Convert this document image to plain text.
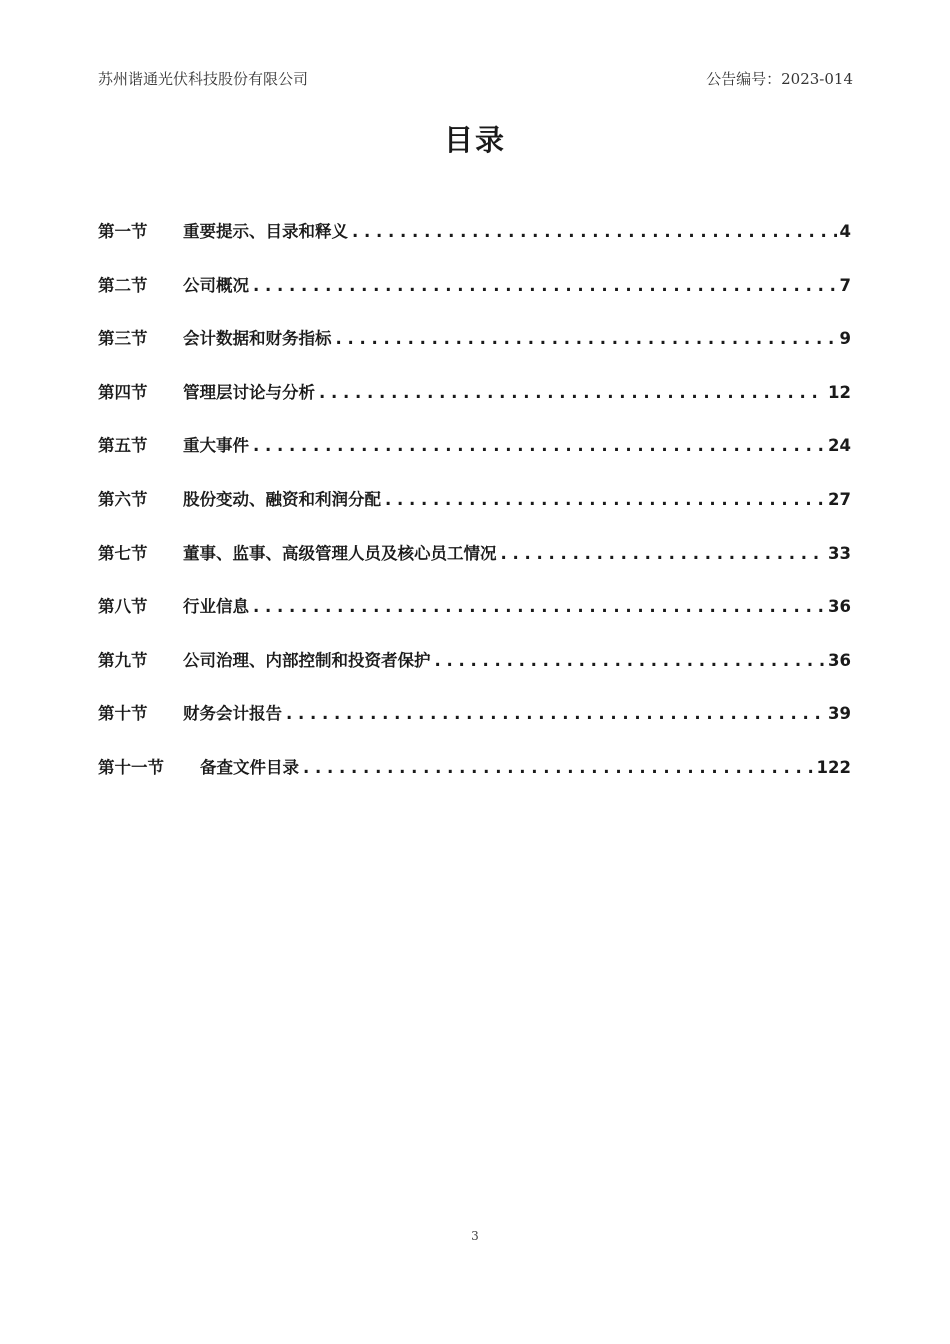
苏州谐通光伏科技股份有限公司	公告编号：2023-014
目录
第一节	重要提示、目录和释义 . . .	4
第二节	公司概况 . . .	7
第三节	会计数据和财务指标 . . .	9
第四节	管理层讨论与分析 . . .	12
第五节	重大事件 . . .	24
第六节	股份变动、融资和利润分配 . . .	27
第七节	董事、监事、高级管理人员及核心员工情况 . . .	33
第八节	行业信息 . . .	36
第九节	公司治理、内部控制和投资者保护 . . .	36
第十节	财务会计报告 . . .	39
第十一节	备查文件目录 . . .	122
3
